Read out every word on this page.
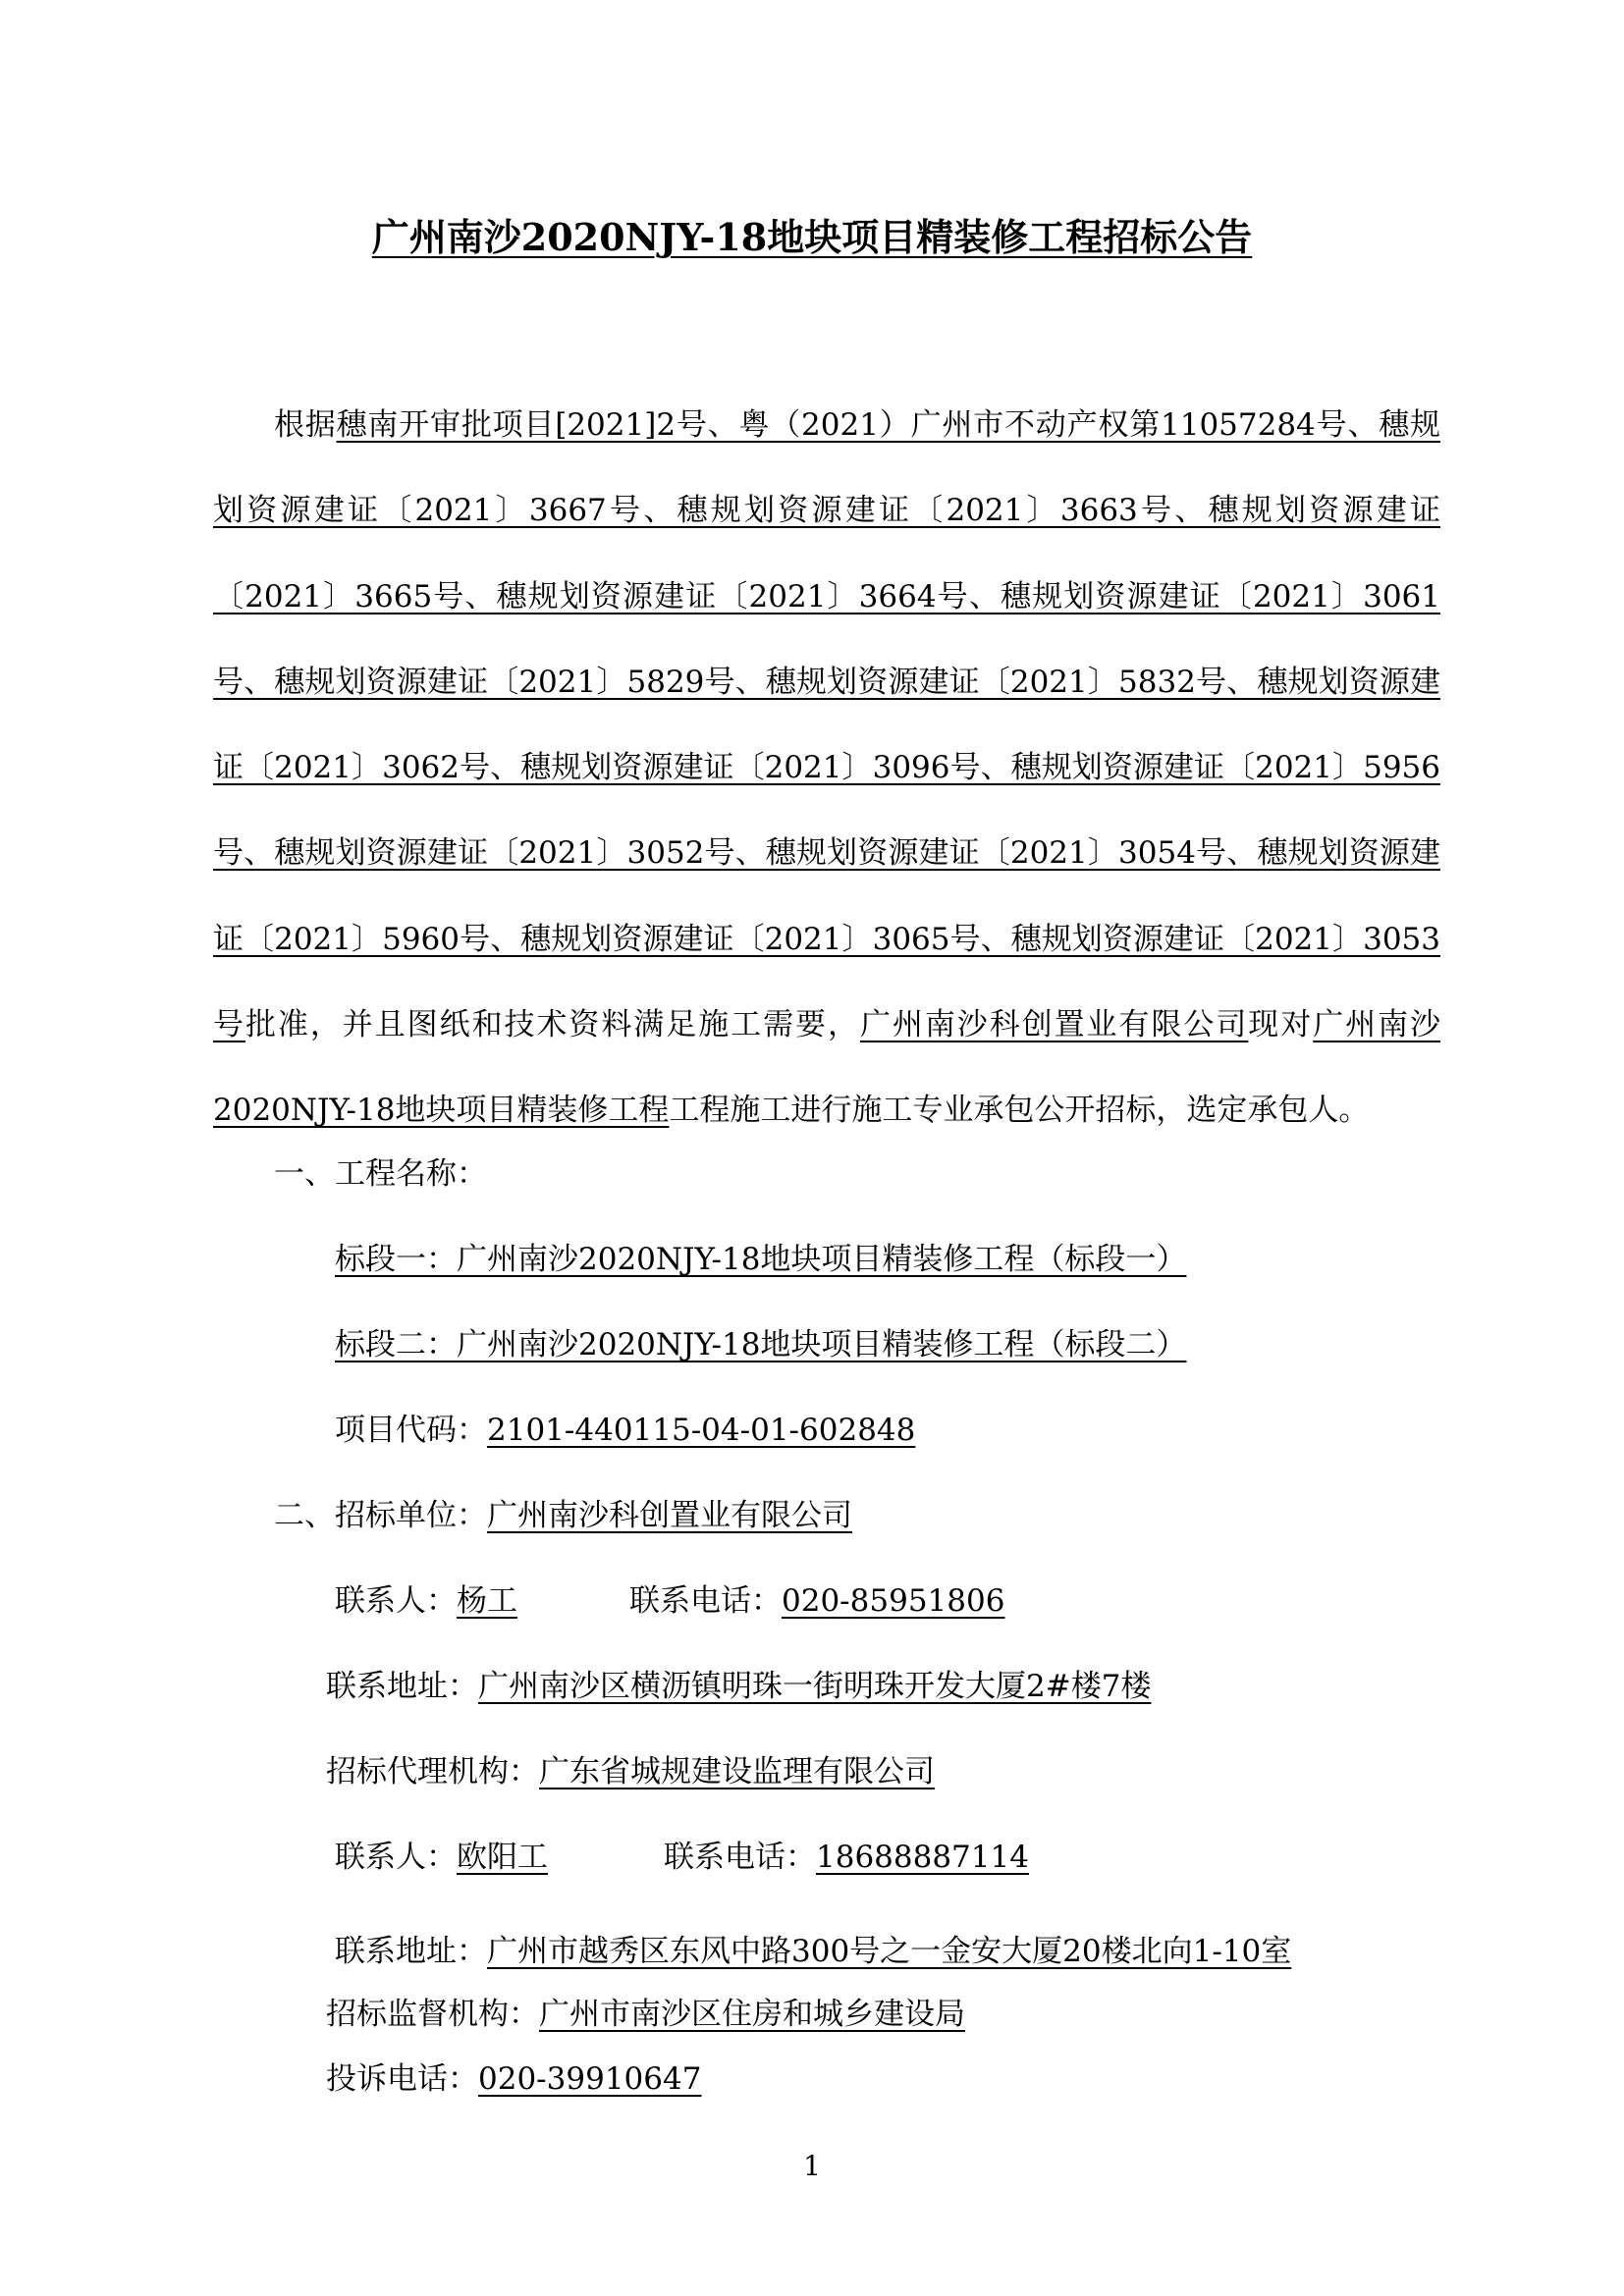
广州南沙2020NJY-18地块项目精装修工程招标公告

根据穗南开审批项目[2021]2号、粤（2021）广州市不动产权第11057284号、穗规划资源建证〔2021〕3667号、穗规划资源建证〔2021〕3663号、穗规划资源建证〔2021〕3665号、穗规划资源建证〔2021〕3664号、穗规划资源建证〔2021〕3061号、穗规划资源建证〔2021〕5829号、穗规划资源建证〔2021〕5832号、穗规划资源建证〔2021〕3062号、穗规划资源建证〔2021〕3096号、穗规划资源建证〔2021〕5956号、穗规划资源建证〔2021〕3052号、穗规划资源建证〔2021〕3054号、穗规划资源建证〔2021〕5960号、穗规划资源建证〔2021〕3065号、穗规划资源建证〔2021〕3053号批准，并且图纸和技术资料满足施工需要，广州南沙科创置业有限公司现对广州南沙2020NJY-18地块项目精装修工程工程施工进行施工专业承包公开招标，选定承包人。

一、工程名称：
标段一：广州南沙2020NJY-18地块项目精装修工程（标段一）
标段二：广州南沙2020NJY-18地块项目精装修工程（标段二）
项目代码：2101-440115-04-01-602848
二、招标单位：广州南沙科创置业有限公司
联系人：杨工	联系电话：020-85951806
联系地址：广州南沙区横沥镇明珠一街明珠开发大厦2#楼7楼
招标代理机构：广东省城规建设监理有限公司
联系人：欧阳工	联系电话：18688887114
联系地址：广州市越秀区东风中路300号之一金安大厦20楼北向1-10室
招标监督机构：广州市南沙区住房和城乡建设局
投诉电话：020-39910647
1
